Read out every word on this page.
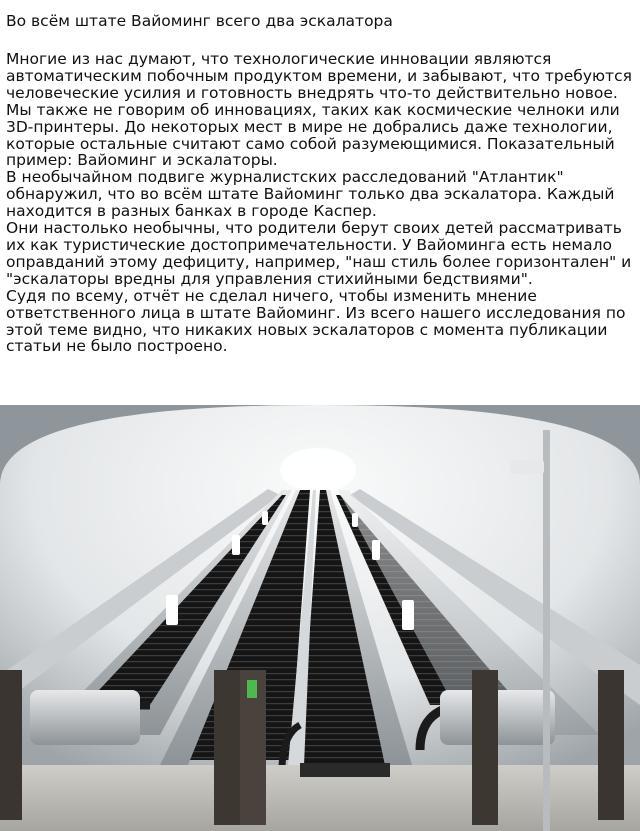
Во всём штате Вайоминг всего два эскалатора

Многие из нас думают, что технологические инновации являются автоматическим побочным продуктом времени, и забывают, что требуются человеческие усилия и готовность внедрять что-то действительно новое. Мы также не говорим об инновациях, таких как космические челноки или 3D-принтеры. До некоторых мест в мире не добрались даже технологии, которые остальные считают само собой разумеющимися. Показательный пример: Вайоминг и эскалаторы.

В необычайном подвиге журналистских расследований "Атлантик" обнаружил, что во всём штате Вайоминг только два эскалатора. Каждый находится в разных банках в городе Каспер.

Они настолько необычны, что родители берут своих детей рассматривать их как туристические достопримечательности. У Вайоминга есть немало оправданий этому дефициту, например, "наш стиль более горизонтален" и "эскалаторы вредны для управления стихийными бедствиями".

Судя по всему, отчёт не сделал ничего, чтобы изменить мнение ответственного лица в штате Вайоминг. Из всего нашего исследования по этой теме видно, что никаких новых эскалаторов с момента публикации статьи не было построено.
